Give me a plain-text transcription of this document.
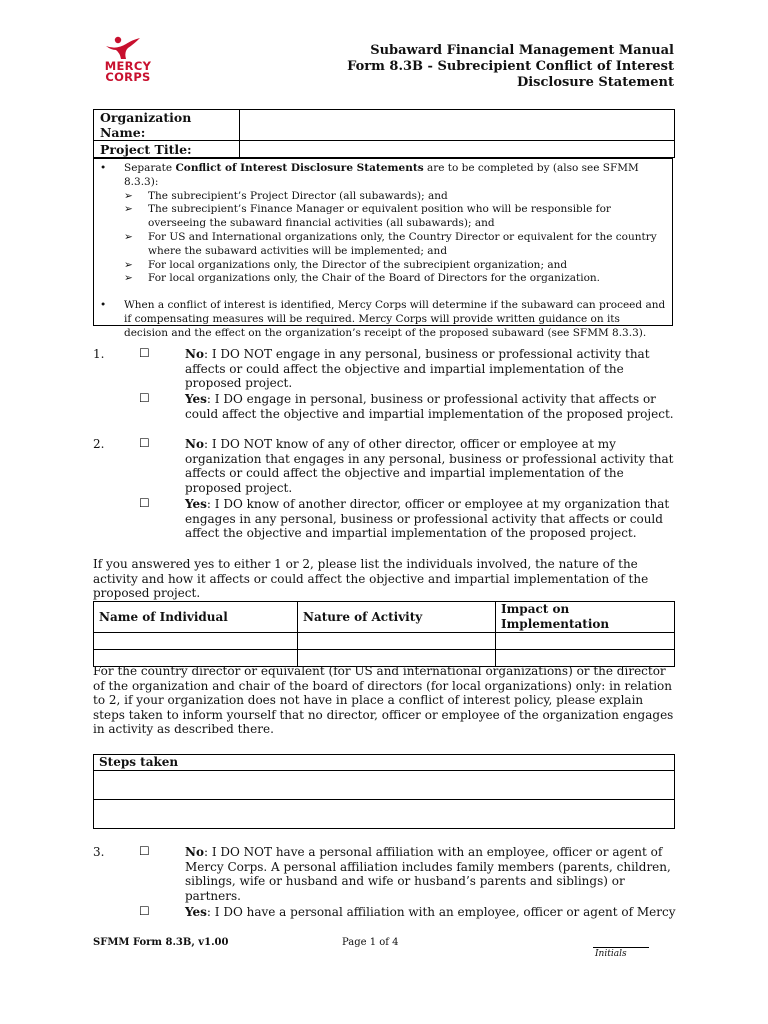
MERCY
CORPS
Subaward Financial Management Manual
Form 8.3B - Subrecipient Conflict of Interest
Disclosure Statement
Organization Name:	
Project Title:	
• Separate Conflict of Interest Disclosure Statements are to be completed by (also see SFMM 8.3.3):
➢ The subrecipient’s Project Director (all subawards); and
➢ The subrecipient’s Finance Manager or equivalent position who will be responsible for overseeing the subaward financial activities (all subawards); and
➢ For US and International organizations only, the Country Director or equivalent for the country where the subaward activities will be implemented; and
➢ For local organizations only, the Director of the subrecipient organization; and
➢ For local organizations only, the Chair of the Board of Directors for the organization.
• When a conflict of interest is identified, Mercy Corps will determine if the subaward can proceed and if compensating measures will be required. Mercy Corps will provide written guidance on its decision and the effect on the organization’s receipt of the proposed subaward (see SFMM 8.3.3).
1.	☐	No: I DO NOT engage in any personal, business or professional activity that affects or could affect the objective and impartial implementation of the proposed project.
☐	Yes: I DO engage in personal, business or professional activity that affects or could affect the objective and impartial implementation of the proposed project.
2.	☐	No: I DO NOT know of any of other director, officer or employee at my organization that engages in any personal, business or professional activity that affects or could affect the objective and impartial implementation of the proposed project.
☐	Yes: I DO know of another director, officer or employee at my organization that engages in any personal, business or professional activity that affects or could affect the objective and impartial implementation of the proposed project.
If you answered yes to either 1 or 2, please list the individuals involved, the nature of the activity and how it affects or could affect the objective and impartial implementation of the proposed project.
Name of Individual	Nature of Activity	Impact on Implementation

For the country director or equivalent (for US and international organizations) or the director of the organization and chair of the board of directors (for local organizations) only: in relation to 2, if your organization does not have in place a conflict of interest policy, please explain steps taken to inform yourself that no director, officer or employee of the organization engages in activity as described there.
Steps taken

3.	☐	No: I DO NOT have a personal affiliation with an employee, officer or agent of Mercy Corps. A personal affiliation includes family members (parents, children, siblings, wife or husband and wife or husband’s parents and siblings) or partners.
☐	Yes: I DO have a personal affiliation with an employee, officer or agent of Mercy
SFMM Form 8.3B, v1.00	Page 1 of 4
Initials
